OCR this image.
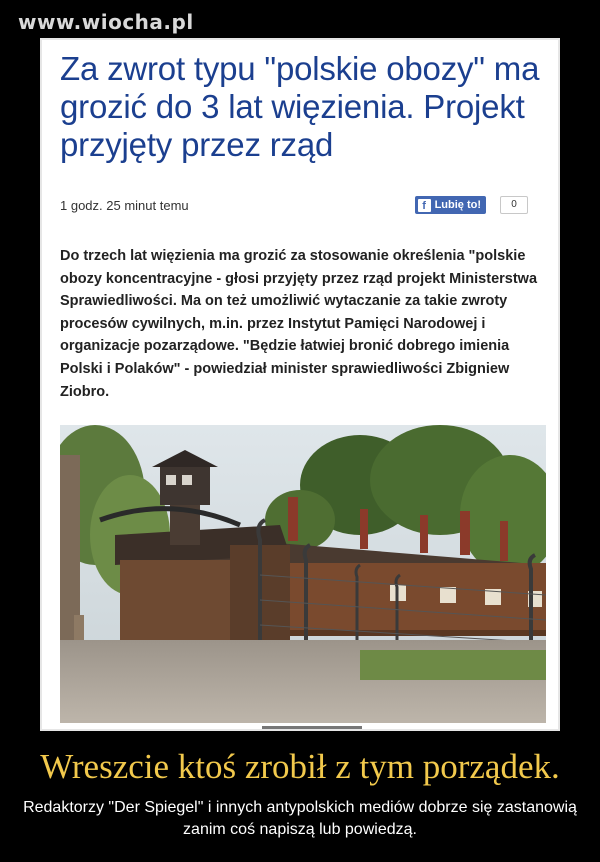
www.wiocha.pl
Za zwrot typu "polskie obozy" ma grozić do 3 lat więzienia. Projekt przyjęty przez rząd
1 godz. 25 minut temu	f Lubię to!	0

Do trzech lat więzienia ma grozić za stosowanie określenia "polskie obozy koncentracyjne - głosi przyjęty przez rząd projekt Ministerstwa Sprawiedliwości. Ma on też umożliwić wytaczanie za takie zwroty procesów cywilnych, m.in. przez Instytut Pamięci Narodowej i organizacje pozarządowe. "Będzie łatwiej bronić dobrego imienia Polski i Polaków" - powiedział minister sprawiedliwości Zbigniew Ziobro.

Wreszcie ktoś zrobił z tym porządek.
Redaktorzy "Der Spiegel" i innych antypolskich mediów dobrze się zastanowią zanim coś napiszą lub powiedzą.
